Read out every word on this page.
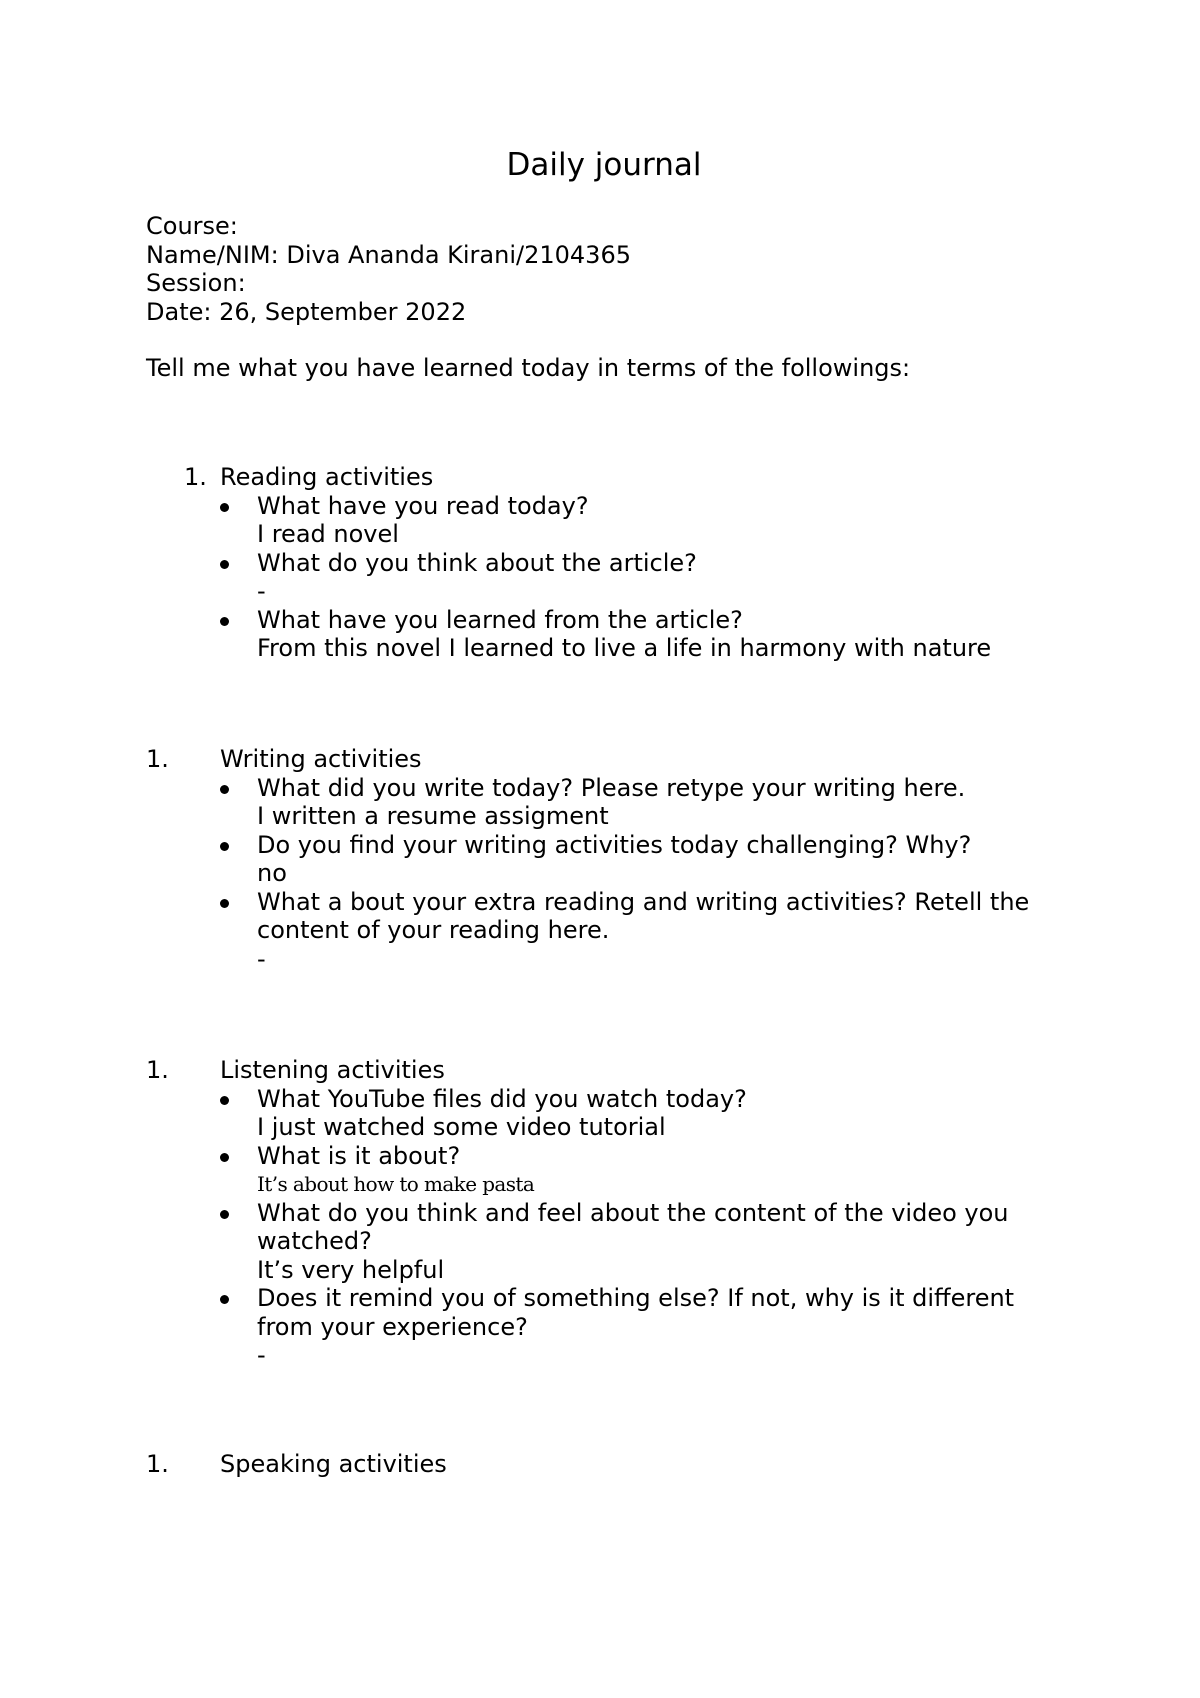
Daily journal
Course:
Name/NIM: Diva Ananda Kirani/2104365
Session:
Date: 26, September 2022
Tell me what you have learned today in terms of the followings:
1. Reading activities
What have you read today?
I read novel
What do you think about the article?
-
What have you learned from the article?
From this novel I learned to live a life in harmony with nature
1. Writing activities
What did you write today? Please retype your writing here.
I written a resume assigment
Do you find your writing activities today challenging? Why?
no
What a bout your extra reading and writing activities? Retell the content of your reading here.
-
1. Listening activities
What YouTube files did you watch today?
I just watched some video tutorial
What is it about?
It’s about how to make pasta
What do you think and feel about the content of the video you watched?
It’s very helpful
Does it remind you of something else? If not, why is it different from your experience?
-
1. Speaking activities
